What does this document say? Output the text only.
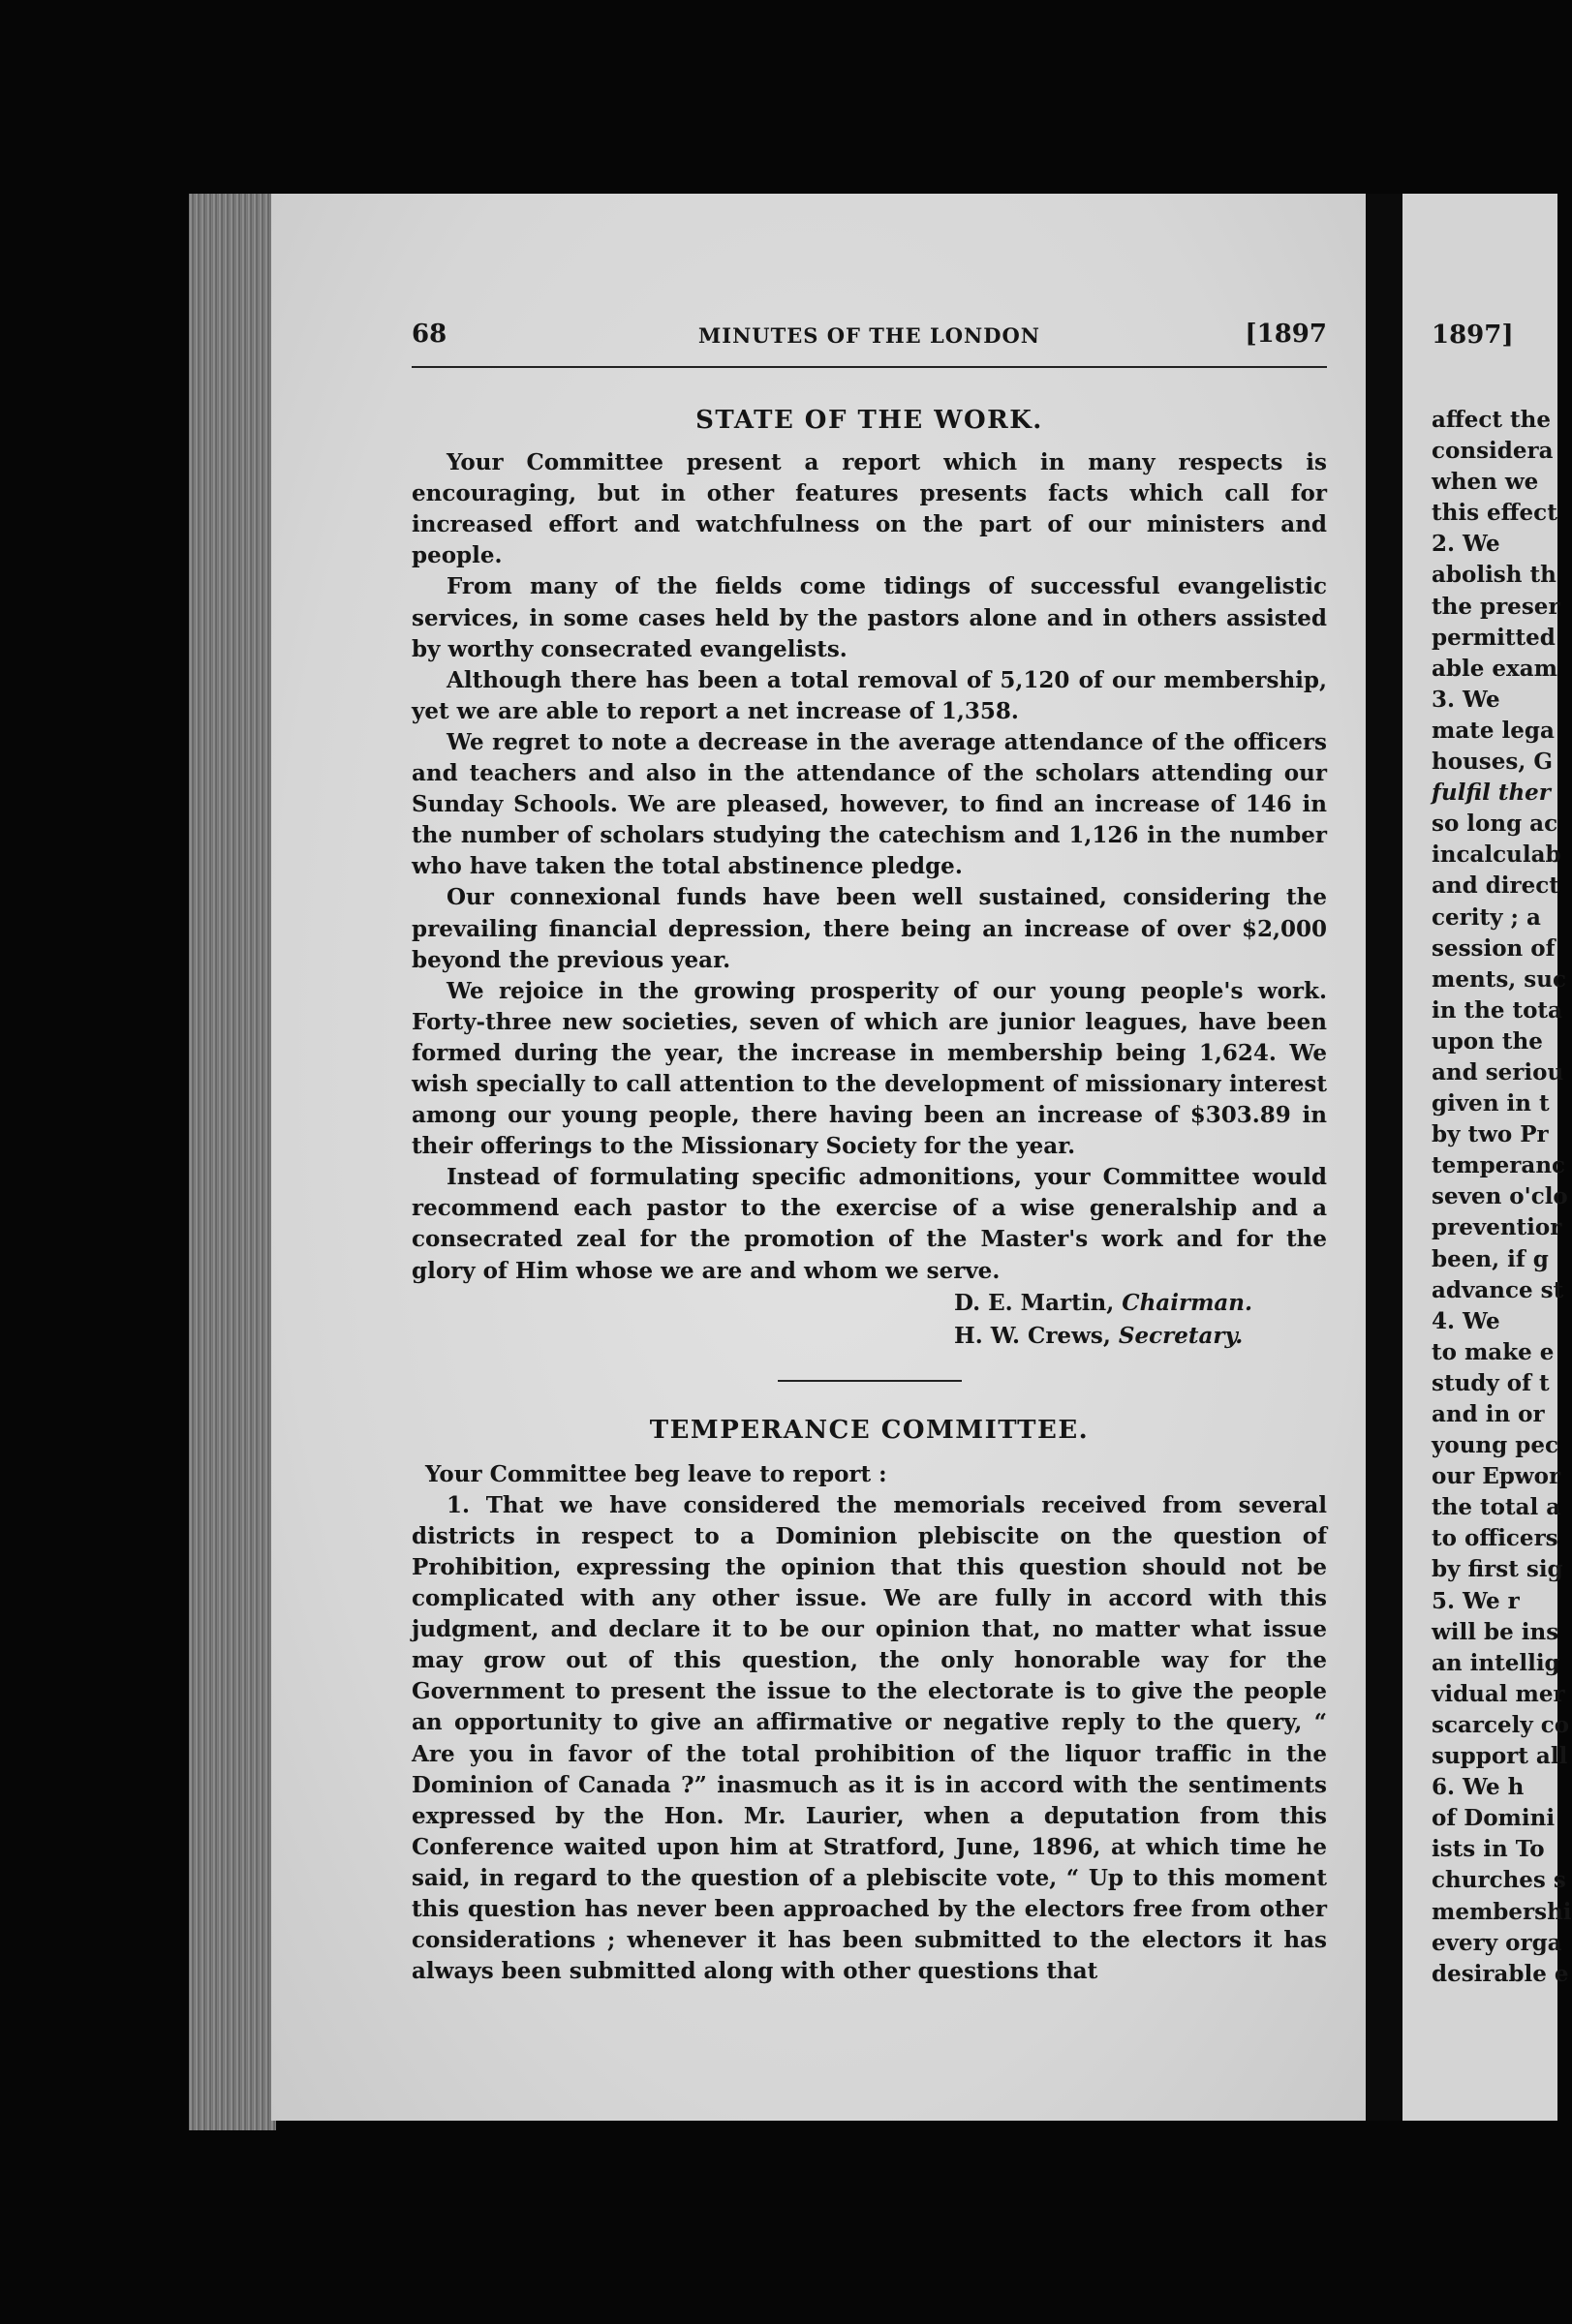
68	MINUTES OF THE LONDON	[1897
STATE OF THE WORK.

Your Committee present a report which in many respects is encouraging, but in other features presents facts which call for increased effort and watchfulness on the part of our ministers and people.

From many of the fields come tidings of successful evangelistic services, in some cases held by the pastors alone and in others assisted by worthy consecrated evangelists.

Although there has been a total removal of 5,120 of our membership, yet we are able to report a net increase of 1,358.

We regret to note a decrease in the average attendance of the officers and teachers and also in the attendance of the scholars attending our Sunday Schools. We are pleased, however, to find an increase of 146 in the number of scholars studying the catechism and 1,126 in the number who have taken the total abstinence pledge.

Our connexional funds have been well sustained, considering the prevailing financial depression, there being an increase of over $2,000 beyond the previous year.

We rejoice in the growing prosperity of our young people's work. Forty-three new societies, seven of which are junior leagues, have been formed during the year, the increase in membership being 1,624. We wish specially to call attention to the development of missionary interest among our young people, there having been an increase of $303.89 in their offerings to the Missionary Society for the year.

Instead of formulating specific admonitions, your Committee would recommend each pastor to the exercise of a wise generalship and a consecrated zeal for the promotion of the Master's work and for the glory of Him whose we are and whom we serve.

D. E. Martin, Chairman.
H. W. Crews, Secretary.
TEMPERANCE COMMITTEE.

Your Committee beg leave to report :

1. That we have considered the memorials received from several districts in respect to a Dominion plebiscite on the question of Prohibition, expressing the opinion that this question should not be complicated with any other issue. We are fully in accord with this judgment, and declare it to be our opinion that, no matter what issue may grow out of this question, the only honorable way for the Government to present the issue to the electorate is to give the people an opportunity to give an affirmative or negative reply to the query, “ Are you in favor of the total prohibition of the liquor traffic in the Dominion of Canada ?” inasmuch as it is in accord with the sentiments expressed by the Hon. Mr. Laurier, when a deputation from this Conference waited upon him at Stratford, June, 1896, at which time he said, in regard to the question of a plebiscite vote, “ Up to this moment this question has never been approached by the electors free from other considerations ; whenever it has been submitted to the electors it has always been submitted along with other questions that

1897]
affect the
considera
when we
this effect
2. We
abolish th
the preser
permitted
able exam
3. We
mate lega
houses, G
fulfil ther
so long ac
incalculab
and direct
cerity ; a
session of
ments, suc
in the tota
upon the
and seriou
given in t
by two Pr
temperanc
seven o'clo
preventior
been, if g
advance st
4. We
to make e
study of t
and in or
young pec
our Epwor
the total a
to officers
by first sig
5. We r
will be ins
an intellig
vidual mer
scarcely co
support all
6. We h
of Domini
ists in To
churches s
membershi
every orga
desirable e
